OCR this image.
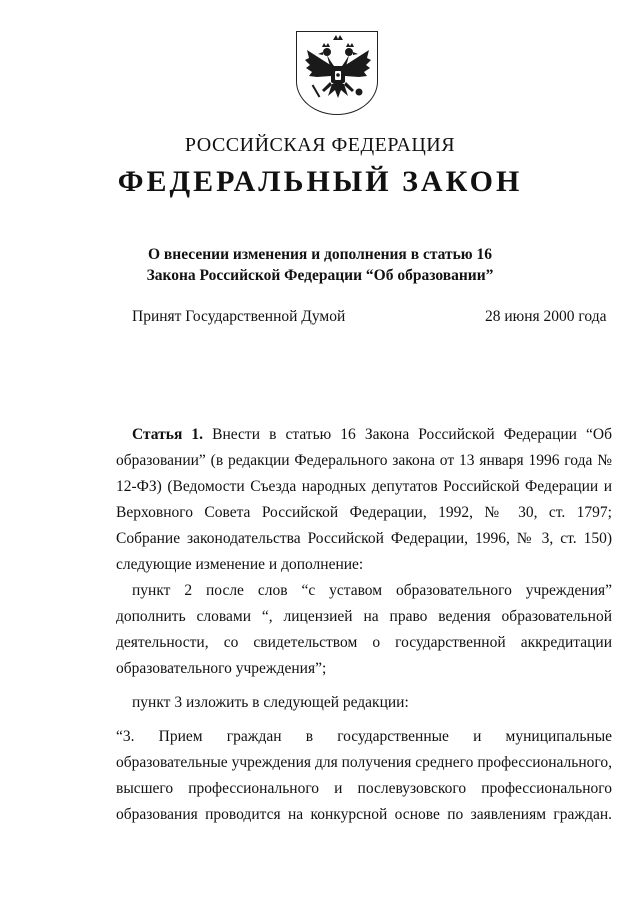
РОССИЙСКАЯ ФЕДЕРАЦИЯ
ФЕДЕРАЛЬНЫЙ ЗАКОН
О внесении изменения и дополнения в статью 16
Закона Российской Федерации “Об образовании”
Принят Государственной Думой	28 июня 2000 года
Статья 1. Внести в статью 16 Закона Российской Федерации “Об
образовании” (в редакции Федерального закона от 13 января 1996 года №
12-ФЗ) (Ведомости Съезда народных депутатов Российской Федерации и
Верховного Совета Российской Федерации, 1992, № 30, ст. 1797;
Собрание законодательства Российской Федерации, 1996, № 3, ст. 150)
следующие изменение и дополнение:
пункт 2 после слов “с уставом образовательного учреждения”
дополнить словами “, лицензией на право ведения образовательной
деятельности, со свидетельством о государственной аккредитации
образовательного учреждения”;
пункт 3 изложить в следующей редакции:
“3. Прием граждан в государственные и муниципальные
образовательные учреждения для получения среднего профессионального,
высшего профессионального и послевузовского профессионального
образования проводится на конкурсной основе по заявлениям граждан.
